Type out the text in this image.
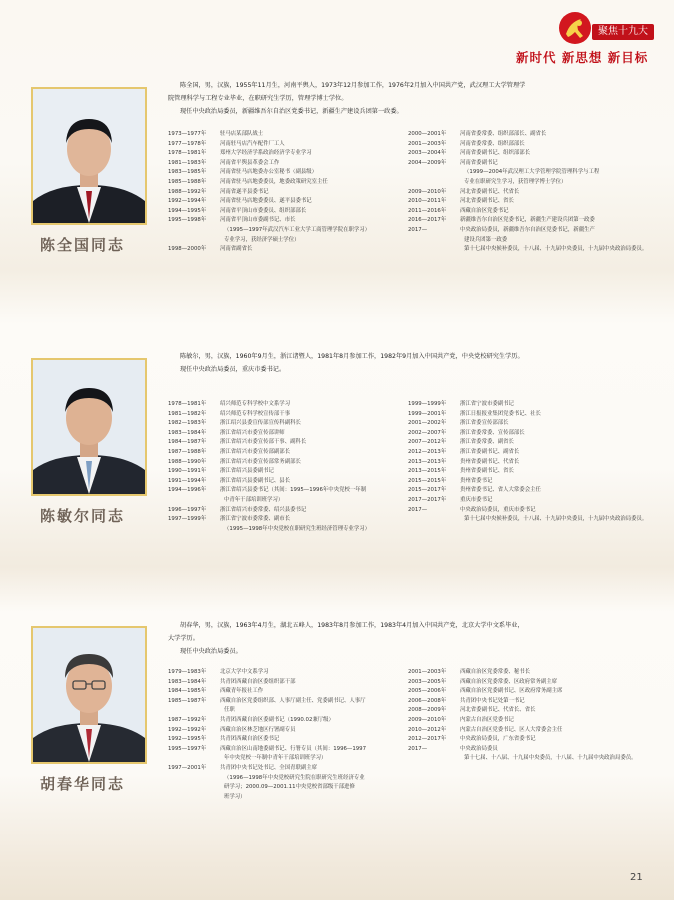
聚焦十九大
新时代 新思想 新目标
陈全国同志

陈全国，男，汉族，1955年11月生，河南平舆人，1973年12月参加工作，1976年2月加入中国共产党，武汉理工大学管理学院管理科学与工程专业毕业，在职研究生学历，管理学博士学位。

现任中央政治局委员，新疆维吾尔自治区党委书记，新疆生产建设兵团第一政委。

1973—1977年	驻马店某部队战士
1977—1978年	河南驻马店汽车配件厂工人
1978—1981年	郑州大学经济学系政治经济学专业学习
1981—1983年	河南省平舆县革委会工作
1983—1985年	河南省驻马店地委办公室秘书（副县级）
1985—1988年	河南省驻马店地委委员，地委政策研究室主任
1988—1992年	河南省遂平县委书记
1992—1994年	河南省驻马店地委委员、遂平县委书记
1994—1995年	河南省平顶山市委委员、组织部部长
1995—1998年	河南省平顶山市委副书记、市长
（1995—1997年武汉汽车工业大学工商管理学院在职学习）
专业学习，获经济学硕士学位）
1998—2000年	河南省副省长
2000—2001年	河南省委常委、组织部部长、副省长
2001—2003年	河南省委常委、组织部部长
2003—2004年	河南省委副书记、组织部部长
2004—2009年	河南省委副书记
（1999—2004年武汉理工大学管理学院管理科学与工程
专业在职研究生学习，获管理学博士学位）
2009—2010年	河北省委副书记、代省长
2010—2011年	河北省委副书记、省长
2011—2016年	西藏自治区党委书记
2016—2017年	新疆维吾尔自治区党委书记，新疆生产建设兵团第一政委
2017—	中央政治局委员，新疆维吾尔自治区党委书记，新疆生产
建设兵团第一政委
第十七届中央候补委员，十八届、十九届中央委员，十九届中央政治局委员。
陈敏尔同志

陈敏尔，男，汉族，1960年9月生，浙江诸暨人，1981年8月参加工作，1982年9月加入中国共产党，中央党校研究生学历。

现任中央政治局委员，重庆市委书记。

1978—1981年	绍兴师范专科学校中文系学习
1981—1982年	绍兴师范专科学校宣传部干事
1982—1983年	浙江绍兴县委宣传部宣传科副科长
1983—1984年	浙江省绍兴市委宣传部讲师
1984—1987年	浙江省绍兴市委宣传部干事、副科长
1987—1988年	浙江省绍兴市委宣传部副部长
1988—1990年	浙江省绍兴市委宣传部常务副部长
1990—1991年	浙江省绍兴县委副书记
1991—1994年	浙江省绍兴县委副书记、县长
1994—1996年	浙江省绍兴县委书记（其间：1995—1996年中央党校一年制
中青年干部培训班学习）
1996—1997年	浙江省绍兴市委常委、绍兴县委书记
1997—1999年	浙江省宁波市委常委、副市长
（1995—1998年中央党校在职研究生班经济管理专业学习）
1999—1999年	浙江省宁波市委副书记
1999—2001年	浙江日报报业集团党委书记、社长
2001—2002年	浙江省委宣传部部长
2002—2007年	浙江省委常委、宣传部部长
2007—2012年	浙江省委常委、副省长
2012—2013年	浙江省委副书记、副省长
2013—2013年	贵州省委副书记、代省长
2013—2015年	贵州省委副书记、省长
2015—2015年	贵州省委书记
2015—2017年	贵州省委书记、省人大常委会主任
2017—2017年	重庆市委书记
2017—	中央政治局委员，重庆市委书记
第十七届中央候补委员，十八届、十九届中央委员，十九届中央政治局委员。
胡春华同志

胡春华，男，汉族，1963年4月生，湖北五峰人，1983年8月参加工作，1983年4月加入中国共产党，北京大学中文系毕业，大学学历。

现任中央政治局委员。

1979—1983年	北京大学中文系学习
1983—1984年	共青团西藏自治区委组织部干部
1984—1985年	西藏青年报社工作
1985—1987年	西藏自治区党委组织部、人事厅副主任、党委副书记、人事厅
任职
1987—1992年	共青团西藏自治区委副书记（1990.02兼厅级）
1992—1992年	西藏自治区林芝地区行署副专员
1992—1995年	共青团西藏自治区委书记
1995—1997年	西藏自治区山南地委副书记、行署专员（其间：1996—1997
年中央党校一年制中青年干部培训班学习）
1997—2001年	共青团中央书记处书记、全国青联副主席
（1996—1998年中央党校研究生院在职研究生班经济专业
研学习；2000.09—2001.11中央党校省部级干部进修
班学习）
2001—2003年	西藏自治区党委常委、秘书长
2003—2005年	西藏自治区党委常委、区政府常务副主席
2005—2006年	西藏自治区党委副书记、区政府常务副主席
2006—2008年	共青团中央书记处第一书记
2008—2009年	河北省委副书记、代省长、省长
2009—2010年	内蒙古自治区党委书记
2010—2012年	内蒙古自治区党委书记、区人大常委会主任
2012—2017年	中央政治局委员，广东省委书记
2017—	中央政治局委员
第十七届、十八届、十九届中央委员，十八届、十九届中央政治局委员。
21
